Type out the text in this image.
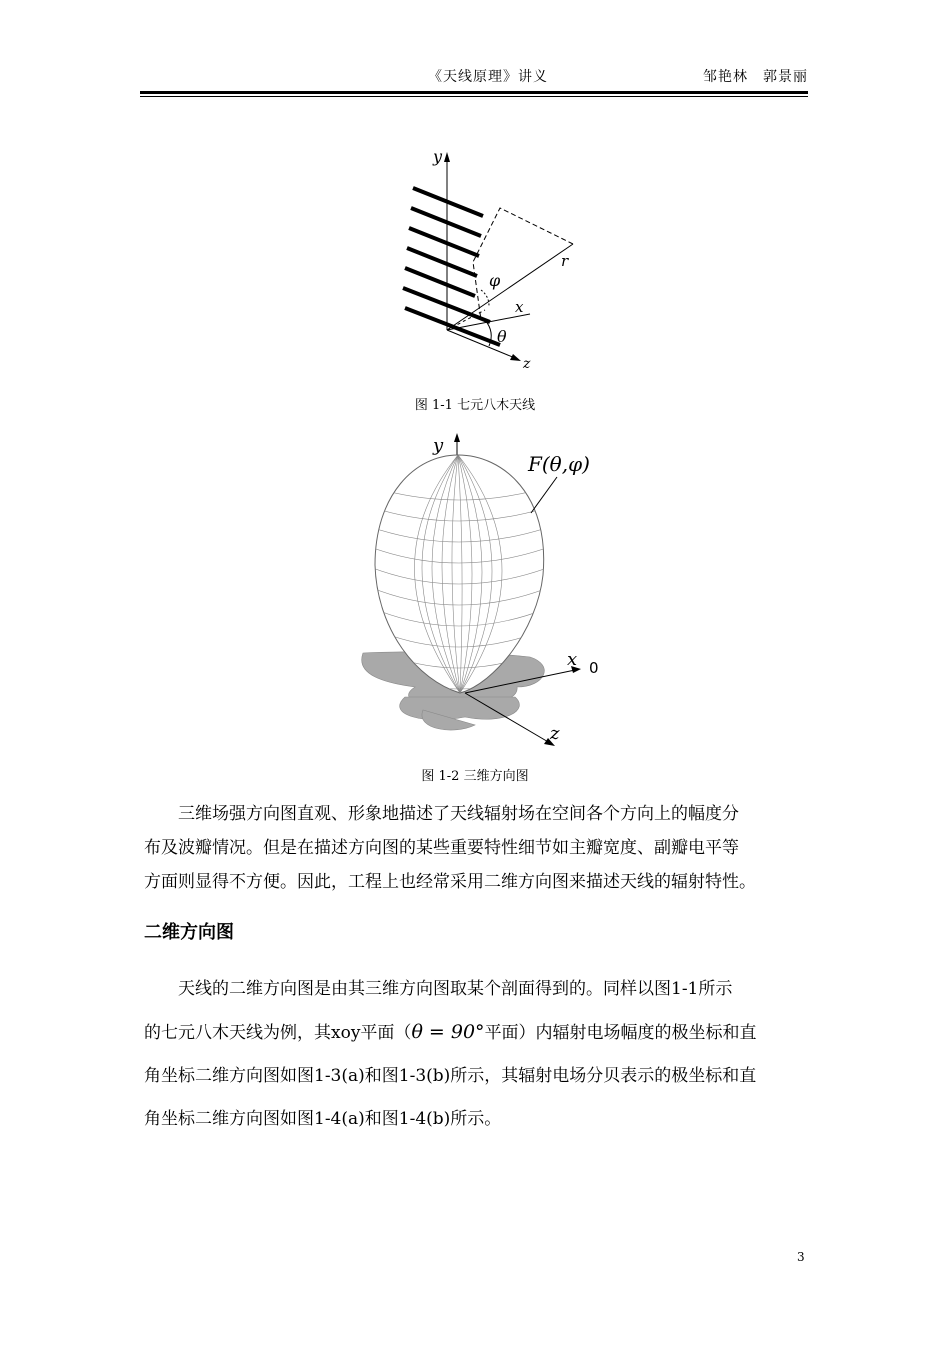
《天线原理》讲义	邹艳林　郭景丽
y
z
r
x
φ
θ
图 1-1 七元八木天线
y
F(θ,φ)
x 0
z
图 1-2 三维方向图
三维场强方向图直观、形象地描述了天线辐射场在空间各个方向上的幅度分
布及波瓣情况。但是在描述方向图的某些重要特性细节如主瓣宽度、副瓣电平等
方面则显得不方便。因此，工程上也经常采用二维方向图来描述天线的辐射特性。
二维方向图
天线的二维方向图是由其三维方向图取某个剖面得到的。同样以图1-1所示
的七元八木天线为例，其xoy平面（θ = 90°平面）内辐射电场幅度的极坐标和直
角坐标二维方向图如图1-3(a)和图1-3(b)所示，其辐射电场分贝表示的极坐标和直
角坐标二维方向图如图1-4(a)和图1-4(b)所示。
3
